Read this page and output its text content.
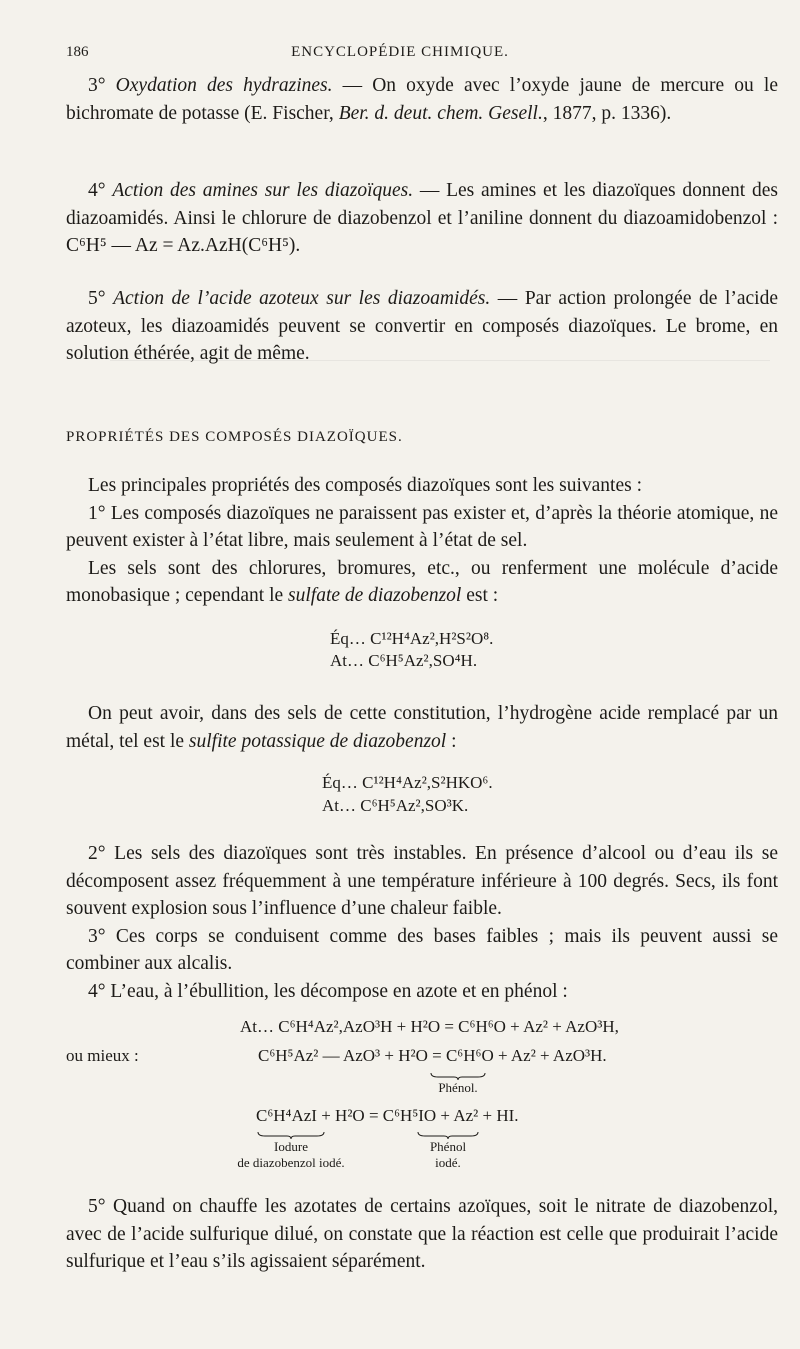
186	ENCYCLOPÉDIE CHIMIQUE.

3° Oxydation des hydrazines. — On oxyde avec l’oxyde jaune de mercure ou le bichromate de potasse (E. Fischer, Ber. d. deut. chem. Gesell., 1877, p. 1336).

4° Action des amines sur les diazoïques. — Les amines et les diazoïques donnent des diazoamidés. Ainsi le chlorure de diazobenzol et l’aniline donnent du diazoamidobenzol : C⁶H⁵ — Az = Az.AzH(C⁶H⁵).

5° Action de l’acide azoteux sur les diazoamidés. — Par action prolongée de l’acide azoteux, les diazoamidés peuvent se convertir en composés diazoïques. Le brome, en solution éthérée, agit de même.

PROPRIÉTÉS DES COMPOSÉS DIAZOÏQUES.

Les principales propriétés des composés diazoïques sont les suivantes :

1° Les composés diazoïques ne paraissent pas exister et, d’après la théorie atomique, ne peuvent exister à l’état libre, mais seulement à l’état de sel.

Les sels sont des chlorures, bromures, etc., ou renferment une molécule d’acide monobasique ; cependant le sulfate de diazobenzol est :

Éq… C¹²H⁴Az²,H²S²O⁸.
At… C⁶H⁵Az²,SO⁴H.

On peut avoir, dans des sels de cette constitution, l’hydrogène acide remplacé par un métal, tel est le sulfite potassique de diazobenzol :

Éq… C¹²H⁴Az²,S²HKO⁶.
At… C⁶H⁵Az²,SO³K.

2° Les sels des diazoïques sont très instables. En présence d’alcool ou d’eau ils se décomposent assez fréquemment à une température inférieure à 100 degrés. Secs, ils font souvent explosion sous l’influence d’une chaleur faible.

3° Ces corps se conduisent comme des bases faibles ; mais ils peuvent aussi se combiner aux alcalis.

4° L’eau, à l’ébullition, les décompose en azote et en phénol :

At… C⁶H⁴Az²,AzO³H + H²O = C⁶H⁶O + Az² + AzO³H,
ou mieux :	C⁶H⁵Az² — AzO³ + H²O = C⁶H⁶O + Az² + AzO³H.
Phénol.
C⁶H⁴AzI + H²O = C⁶H⁵IO + Az² + HI.
Iodure
de diazobenzol iodé.
Phénol
iodé.

5° Quand on chauffe les azotates de certains azoïques, soit le nitrate de diazobenzol, avec de l’acide sulfurique dilué, on constate que la réaction est celle que produirait l’acide sulfurique et l’eau s’ils agissaient séparément.
